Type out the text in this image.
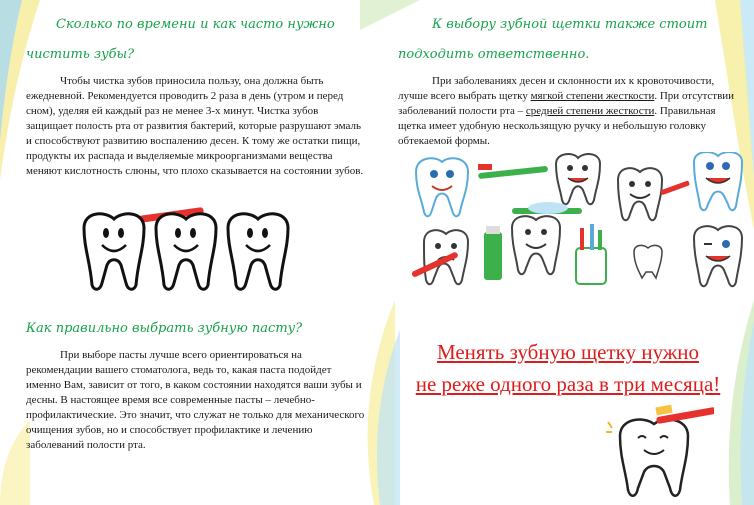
Сколько по времени и как часто нужно
чистить зубы?

Чтобы чистка зубов приносила пользу, она должна быть ежедневной. Рекомендуется проводить 2 раза в день (утром и перед сном), уделяя ей каждый раз не менее 3-х минут. Чистка зубов защищает полость рта от развития бактерий, которые разрушают эмаль и способствуют развитию воспалению десен. К тому же остатки пищи, продукты их распада и выделяемые микроорганизмами вещества меняют кислотность слюны, что плохо сказывается на состоянии зубов.

Как правильно выбрать зубную пасту?

При выборе пасты лучше всего ориентироваться на рекомендации вашего стоматолога, ведь то, какая паста подойдет именно Вам, зависит от того, в каком состоянии находятся ваши зубы и десны. В настоящее время все современные пасты – лечебно-профилактические. Это значит, что служат не только для механического очищения зубов, но и способствует профилактике и лечению заболеваний полости рта.

К выбору зубной щетки также стоит
подходить ответственно.

При заболеваниях десен и склонности их к кровоточивости, лучше всего выбрать щетку мягкой степени жесткости. При отсутствии заболеваний полости рта – средней степени жесткости. Правильная щетка имеет удобную нескользящую ручку и небольшую головку обтекаемой формы.

Менять зубную щетку нужно
не реже одного раза в три месяца!
